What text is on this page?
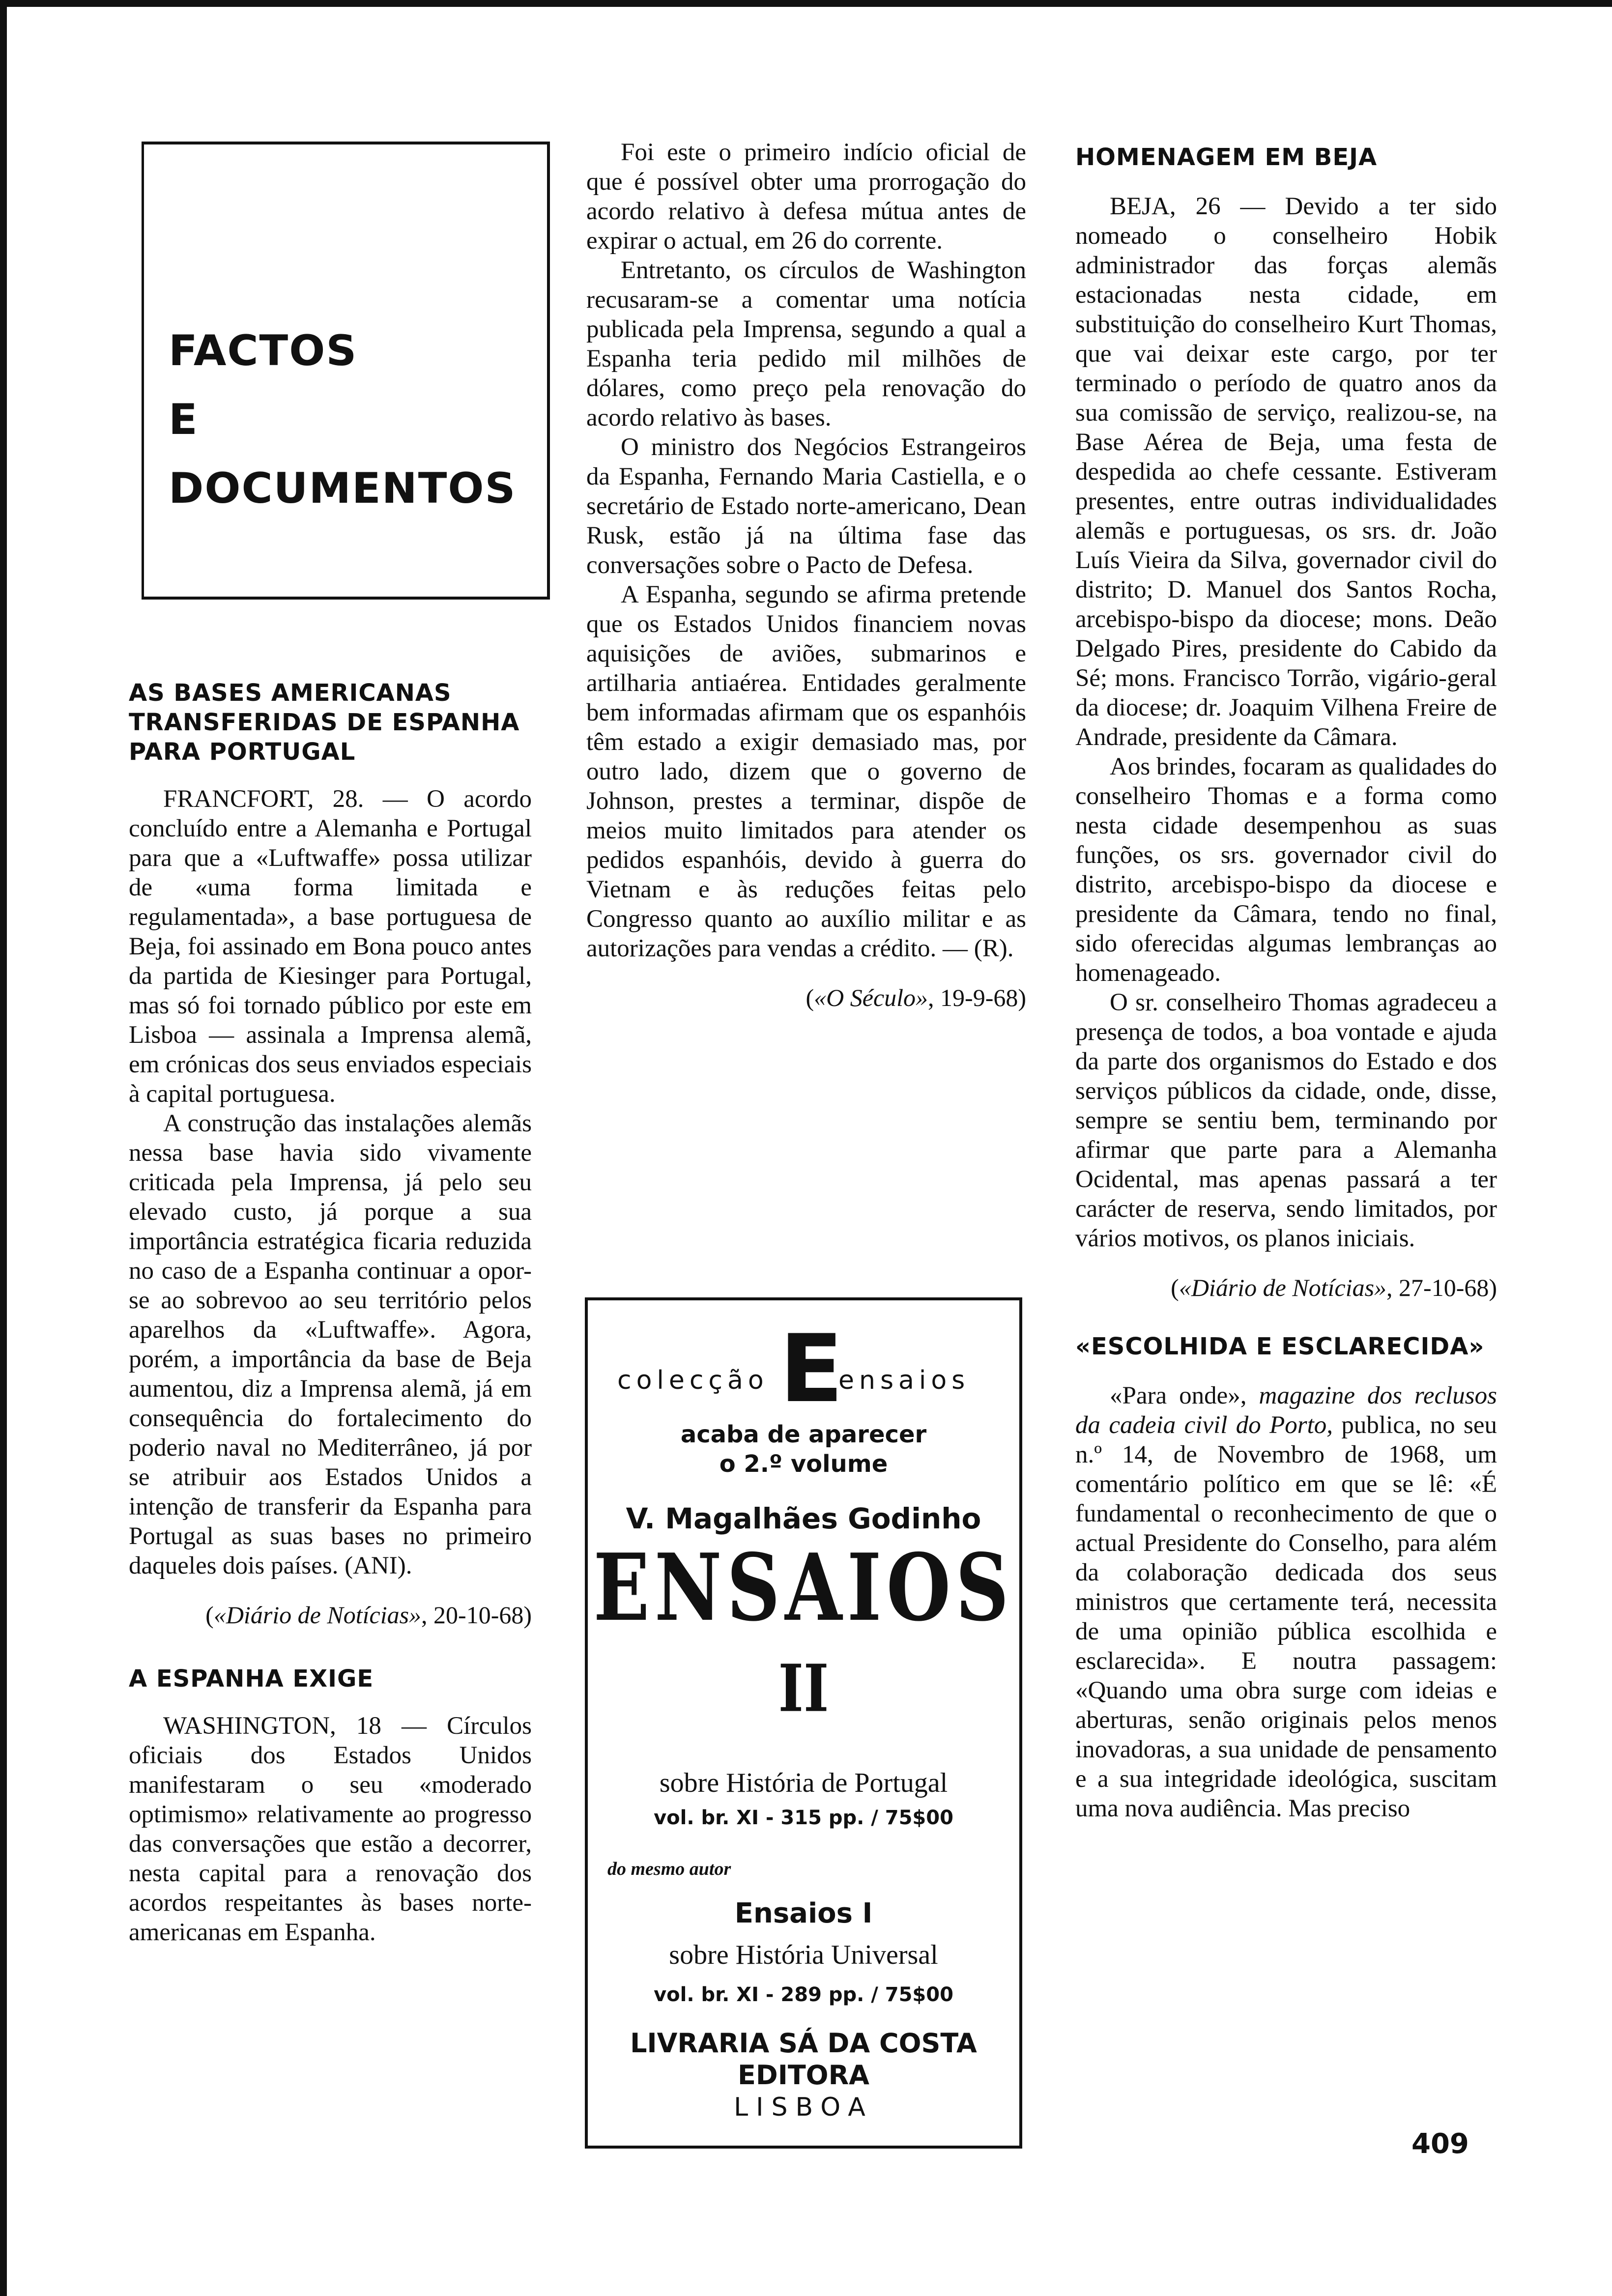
FACTOS
E
DOCUMENTOS

AS BASES AMERICANAS

TRANSFERIDAS DE ESPANHA

PARA PORTUGAL

FRANCFORT, 28. — O acordo concluído entre a Alemanha e Portugal para que a «Luftwaffe» possa utilizar de «uma forma limitada e regulamentada», a base portuguesa de Beja, foi assinado em Bona pouco antes da partida de Kiesinger para Portugal, mas só foi tornado público por este em Lisboa — assinala a Imprensa alemã, em crónicas dos seus enviados especiais à capital portuguesa.

A construção das instalações alemãs nessa base havia sido vivamente criticada pela Imprensa, já pelo seu elevado custo, já porque a sua importância estratégica ficaria reduzida no caso de a Espanha continuar a opor-se ao sobrevoo ao seu território pelos aparelhos da «Luftwaffe». Agora, porém, a importância da base de Beja aumentou, diz a Imprensa alemã, já em consequência do fortalecimento do poderio naval no Mediterrâneo, já por se atribuir aos Estados Unidos a intenção de transferir da Espanha para Portugal as suas bases no primeiro daqueles dois países. (ANI).

(«Diário de Notícias», 20-10-68)

A ESPANHA EXIGE

WASHINGTON, 18 — Círculos oficiais dos Estados Unidos manifestaram o seu «moderado optimismo» relativamente ao progresso das conversações que estão a decorrer, nesta capital para a renovação dos acordos respeitantes às bases norte-americanas em Espanha.

Foi este o primeiro indício oficial de que é possível obter uma prorrogação do acordo relativo à defesa mútua antes de expirar o actual, em 26 do corrente.

Entretanto, os círculos de Washington recusaram-se a comentar uma notícia publicada pela Imprensa, segundo a qual a Espanha teria pedido mil milhões de dólares, como preço pela renovação do acordo relativo às bases.

O ministro dos Negócios Estrangeiros da Espanha, Fernando Maria Castiella, e o secretário de Estado norte-americano, Dean Rusk, estão já na última fase das conversações sobre o Pacto de Defesa.

A Espanha, segundo se afirma pretende que os Estados Unidos financiem novas aquisições de aviões, submarinos e artilharia antiaérea. Entidades geralmente bem informadas afirmam que os espanhóis têm estado a exigir demasiado mas, por outro lado, dizem que o governo de Johnson, prestes a terminar, dispõe de meios muito limitados para atender os pedidos espanhóis, devido à guerra do Vietnam e às reduções feitas pelo Congresso quanto ao auxílio militar e as autorizações para vendas a crédito. — (R).

(«O Século», 19-9-68)

colecção E
ensaios
acaba de aparecer
o 2.º volume
V. Magalhães Godinho
ENSAIOS
II
sobre História de Portugal
vol. br. XI - 315 pp. / 75$00
do mesmo autor
Ensaios I
sobre História Universal
vol. br. XI - 289 pp. / 75$00
LIVRARIA SÁ DA COSTA
EDITORA
LISBOA

HOMENAGEM EM BEJA

BEJA, 26 — Devido a ter sido nomeado o conselheiro Hobik administrador das forças alemãs estacionadas nesta cidade, em substituição do conselheiro Kurt Thomas, que vai deixar este cargo, por ter terminado o período de quatro anos da sua comissão de serviço, realizou-se, na Base Aérea de Beja, uma festa de despedida ao chefe cessante. Estiveram presentes, entre outras individualidades alemãs e portuguesas, os srs. dr. João Luís Vieira da Silva, governador civil do distrito; D. Manuel dos Santos Rocha, arcebispo-bispo da diocese; mons. Deão Delgado Pires, presidente do Cabido da Sé; mons. Francisco Torrão, vigário-geral da diocese; dr. Joaquim Vilhena Freire de Andrade, presidente da Câmara.

Aos brindes, focaram as qualidades do conselheiro Thomas e a forma como nesta cidade desempenhou as suas funções, os srs. governador civil do distrito, arcebispo-bispo da diocese e presidente da Câmara, tendo no final, sido oferecidas algumas lembranças ao homenageado.

O sr. conselheiro Thomas agradeceu a presença de todos, a boa vontade e ajuda da parte dos organismos do Estado e dos serviços públicos da cidade, onde, disse, sempre se sentiu bem, terminando por afirmar que parte para a Alemanha Ocidental, mas apenas passará a ter carácter de reserva, sendo limitados, por vários motivos, os planos iniciais.

(«Diário de Notícias», 27-10-68)

«ESCOLHIDA E ESCLARECIDA»

«Para onde», magazine dos reclusos da cadeia civil do Porto, publica, no seu n.º 14, de Novembro de 1968, um comentário político em que se lê: «É fundamental o reconhecimento de que o actual Presidente do Conselho, para além da colaboração dedicada dos seus ministros que certamente terá, necessita de uma opinião pública escolhida e esclarecida». E noutra passagem: «Quando uma obra surge com ideias e aberturas, senão originais pelos menos inovadoras, a sua unidade de pensamento e a sua integridade ideológica, suscitam uma nova audiência. Mas preciso

409
